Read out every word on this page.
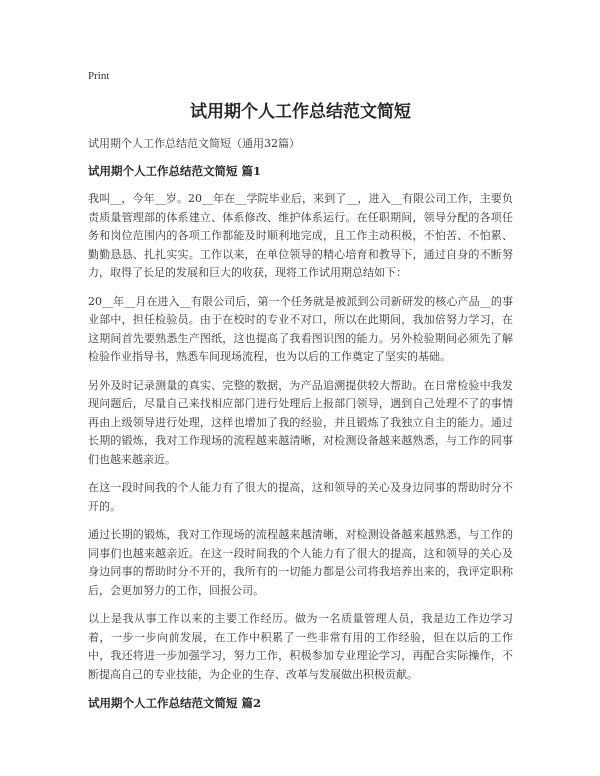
Print
试用期个人工作总结范文简短
试用期个人工作总结范文简短（通用32篇）
试用期个人工作总结范文简短 篇1

我叫__，今年__岁。20__年在__学院毕业后，来到了__，进入__有限公司工作，主要负责质量管理部的体系建立、体系修改、维护体系运行。在任职期间，领导分配的各项任务和岗位范围内的各项工作都能及时顺利地完成，且工作主动积极，不怕苦、不怕累、勤勤恳恳、扎扎实实。工作以来，在单位领导的精心培育和教导下，通过自身的不断努力，取得了长足的发展和巨大的收获，现将工作试用期总结如下：

20__年__月在进入__有限公司后，第一个任务就是被派到公司新研发的核心产品__的事业部中，担任检验员。由于在校时的专业不对口，所以在此期间，我加倍努力学习，在这期间首先要熟悉生产图纸，这也提高了我看图识图的能力。另外检验期间必须先了解检验作业指导书，熟悉车间现场流程，也为以后的工作奠定了坚实的基础。

另外及时记录测量的真实、完整的数据，为产品追溯提供较大帮助。在日常检验中我发现问题后，尽量自己来找相应部门进行处理后上报部门领导，遇到自己处理不了的事情再由上级领导进行处理，这样也增加了我的经验，并且锻炼了我独立自主的能力。通过长期的锻炼，我对工作现场的流程越来越清晰，对检测设备越来越熟悉，与工作的同事们也越来越亲近。

在这一段时间我的个人能力有了很大的提高，这和领导的关心及身边同事的帮助时分不开的。

通过长期的锻炼，我对工作现场的流程越来越清晰，对检测设备越来越熟悉，与工作的同事们也越来越亲近。在这一段时间我的个人能力有了很大的提高，这和领导的关心及身边同事的帮助时分不开的，我所有的一切能力都是公司将我培养出来的，我评定职称后，会更加努力的工作，回报公司。

以上是我从事工作以来的主要工作经历。做为一名质量管理人员，我是边工作边学习着，一步一步向前发展，在工作中积累了一些非常有用的工作经验，但在以后的工作中，我还将进一步加强学习，努力工作，积极参加专业理论学习，再配合实际操作，不断提高自己的专业技能，为企业的生存、改革与发展做出积极贡献。

试用期个人工作总结范文简短 篇2
